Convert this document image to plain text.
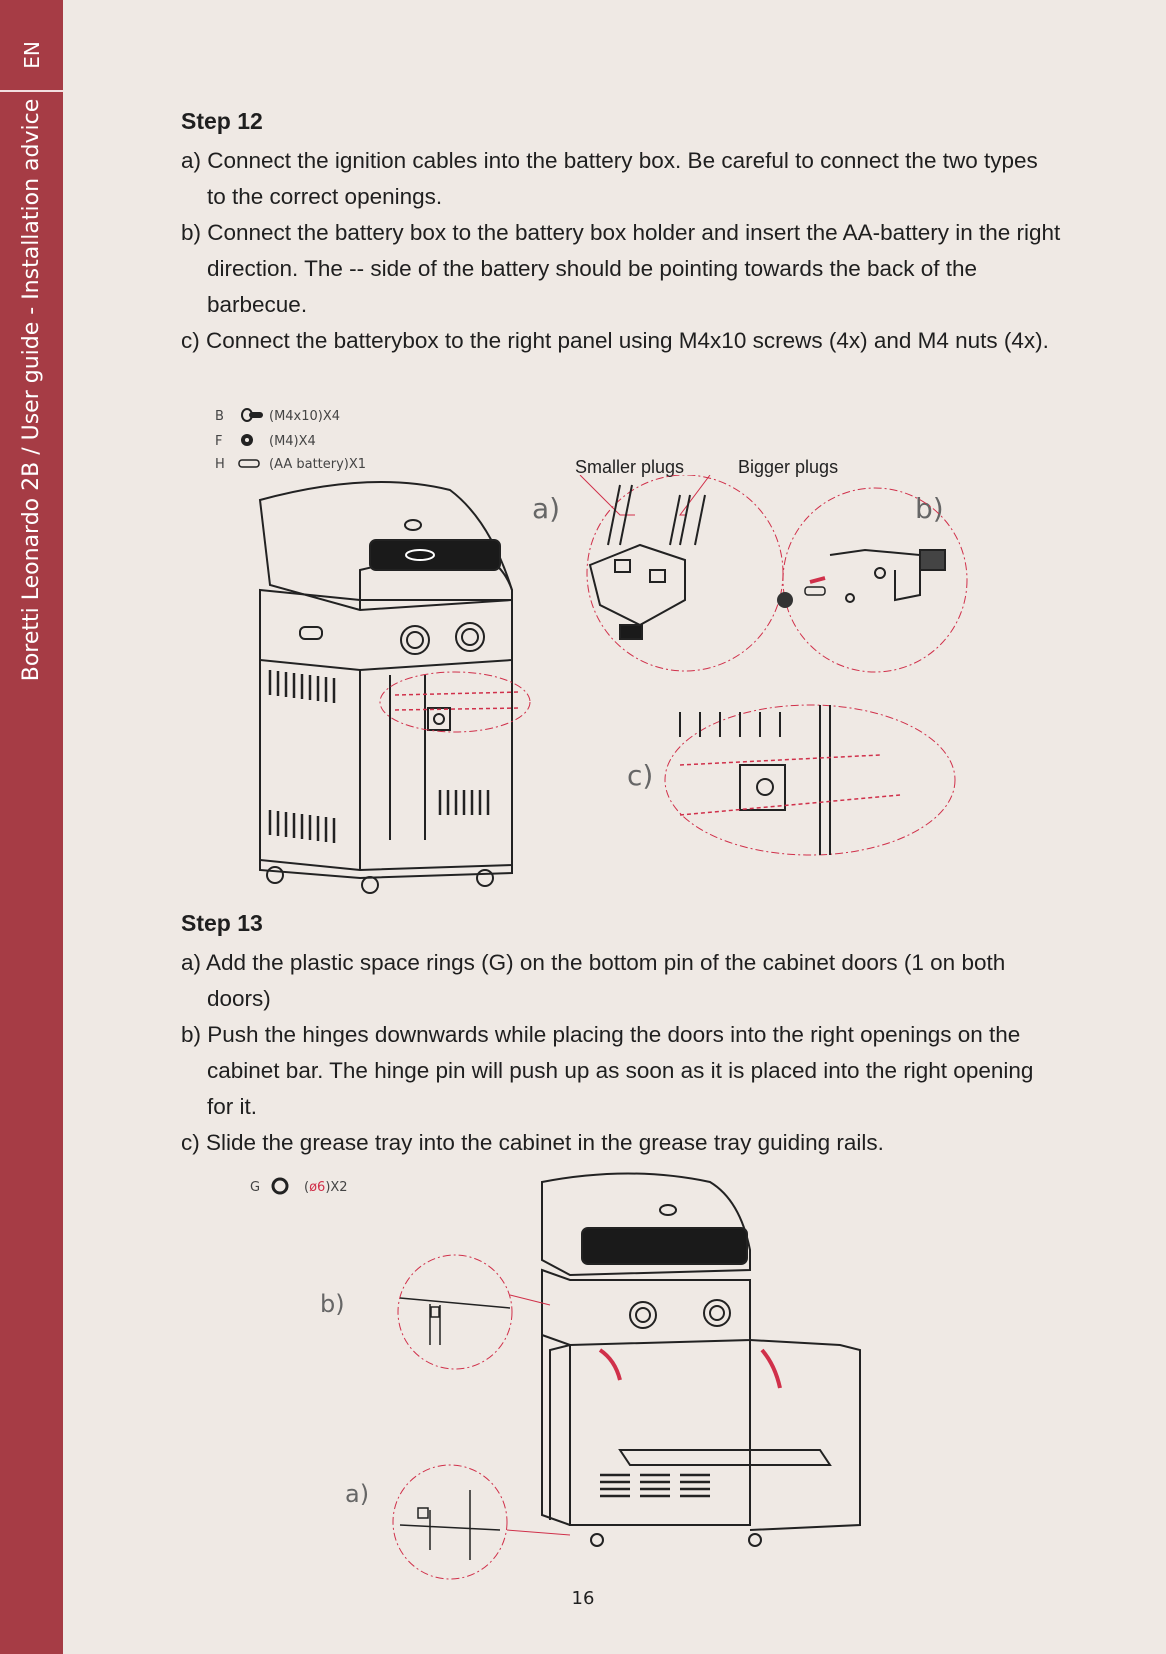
EN
Boretti Leonardo 2B / User guide - Installation advice	Step 12
a) Connect the ignition cables into the battery box. Be careful to connect the two types to the correct openings.
b) Connect the battery box to the battery box holder and insert the AA-battery in the right direction. The -- side of the battery should be pointing towards the back of the barbecue.
c) Connect the batterybox to the right panel using M4x10 screws (4x) and M4 nuts (4x).
B	(M4x10)X4
F	(M4)X4
H	(AA battery)X1	Smaller plugs	Bigger plugs
a)	b)
c)
Step 13
a) Add the plastic space rings (G) on the bottom pin of the cabinet doors (1 on both doors)
b) Push the hinges downwards while placing the doors into the right openings on the cabinet bar. The hinge pin will push up as soon as it is placed into the right opening for it.
c) Slide the grease tray into the cabinet in the grease tray guiding rails.
G	(ø6)X2
b)
a)
16
